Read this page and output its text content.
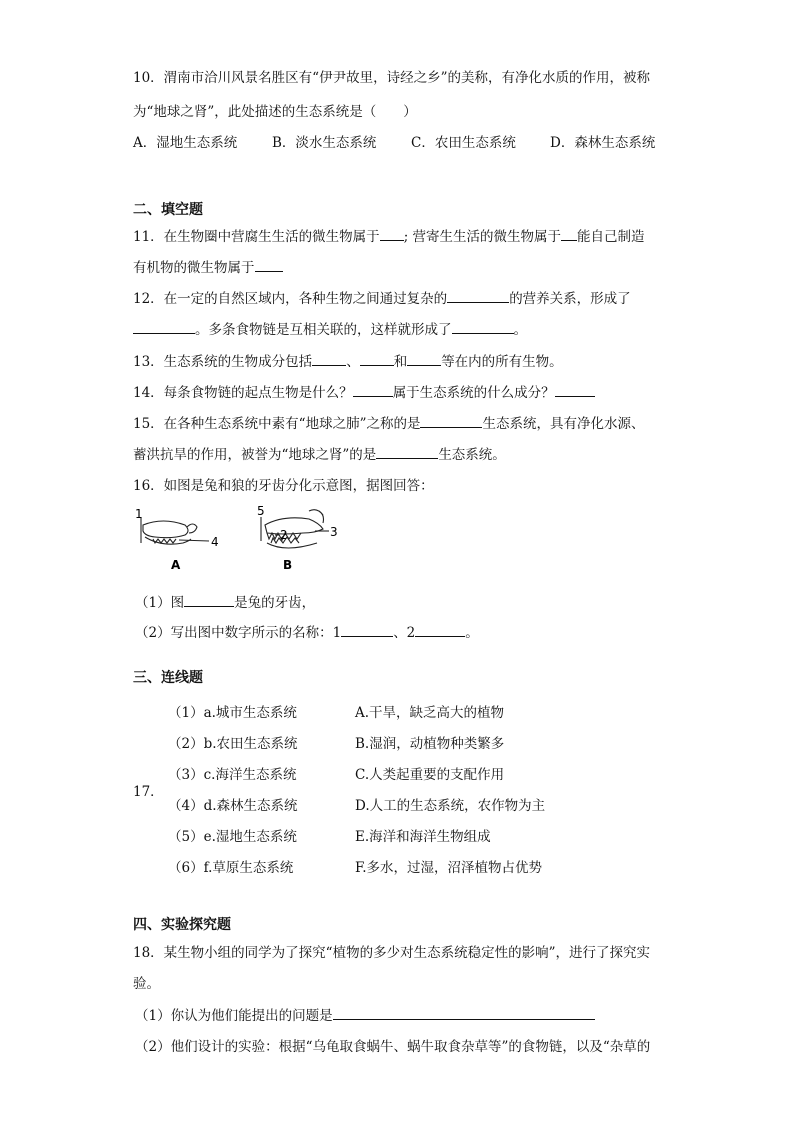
10．渭南市洽川风景名胜区有“伊尹故里，诗经之乡”的美称，有净化水质的作用，被称
为“地球之肾”，此处描述的生态系统是（　　）
A．湿地生态系统	B．淡水生态系统	C．农田生态系统	D．森林生态系统
二、填空题
11．在生物圈中营腐生生活的微生物属于 ; 营寄生生活的微生物属于 能自己制造
有机物的微生物属于
12．在一定的自然区域内，各种生物之间通过复杂的	的营养关系，形成了
。多条食物链是互相关联的，这样就形成了	。
13．生态系统的生物成分包括	、	和	等在内的所有生物。
14．每条食物链的起点生物是什么？	属于生态系统的什么成分？
15．在各种生态系统中素有“地球之肺”之称的是	生态系统，具有净化水源、
蓄洪抗旱的作用，被誉为“地球之肾”的是	生态系统。
16．如图是兔和狼的牙齿分化示意图，据图回答：
1
4
A
5
2	3
B
（1）图	是兔的牙齿，
（2）写出图中数字所示的名称：1	、2	。
三、连线题
17．
（1）a.城市生态系统	A.干旱，缺乏高大的植物
（2）b.农田生态系统	B.湿润，动植物种类繁多
（3）c.海洋生态系统	C.人类起重要的支配作用
（4）d.森林生态系统	D.人工的生态系统，农作物为主
（5）e.湿地生态系统	E.海洋和海洋生物组成
（6）f.草原生态系统	F.多水，过湿，沼泽植物占优势
四、实验探究题
18．某生物小组的同学为了探究“植物的多少对生态系统稳定性的影响”，进行了探究实
验。
（1）你认为他们能提出的问题是
（2）他们设计的实验：根据“乌龟取食蜗牛、蜗牛取食杂草等”的食物链，以及“杂草的
